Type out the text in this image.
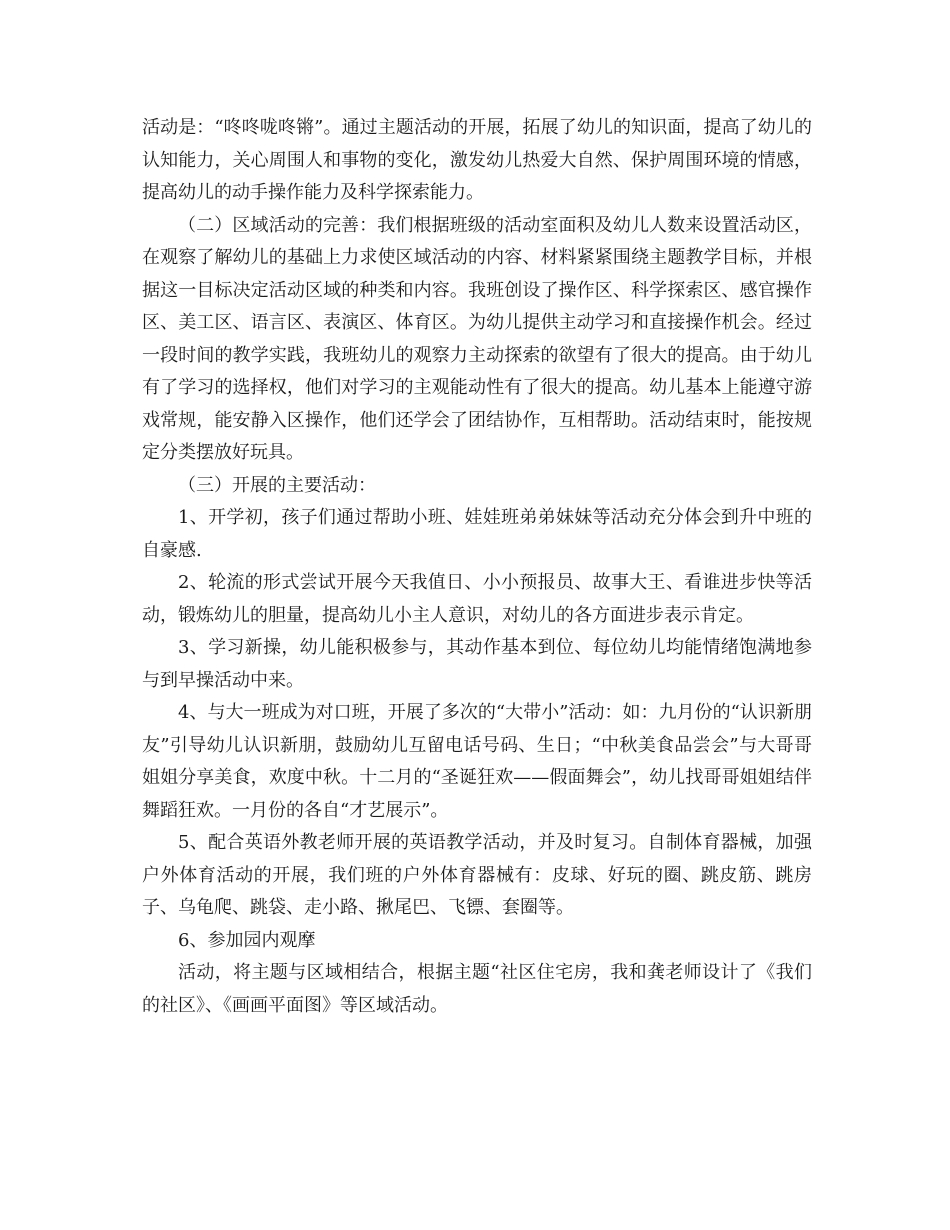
活动是：“咚咚咙咚锵”。通过主题活动的开展，拓展了幼儿的知识面，提高了幼儿的认知能力，关心周围人和事物的变化，激发幼儿热爱大自然、保护周围环境的情感，提高幼儿的动手操作能力及科学探索能力。

（二）区域活动的完善：我们根据班级的活动室面积及幼儿人数来设置活动区，在观察了解幼儿的基础上力求使区域活动的内容、材料紧紧围绕主题教学目标，并根据这一目标决定活动区域的种类和内容。我班创设了操作区、科学探索区、感官操作区、美工区、语言区、表演区、体育区。为幼儿提供主动学习和直接操作机会。经过一段时间的教学实践，我班幼儿的观察力主动探索的欲望有了很大的提高。由于幼儿有了学习的选择权，他们对学习的主观能动性有了很大的提高。幼儿基本上能遵守游戏常规，能安静入区操作，他们还学会了团结协作，互相帮助。活动结束时，能按规定分类摆放好玩具。

（三）开展的主要活动：

1、开学初，孩子们通过帮助小班、娃娃班弟弟妹妹等活动充分体会到升中班的自豪感.

2、轮流的形式尝试开展今天我值日、小小预报员、故事大王、看谁进步快等活动，锻炼幼儿的胆量，提高幼儿小主人意识，对幼儿的各方面进步表示肯定。

3、学习新操，幼儿能积极参与，其动作基本到位、每位幼儿均能情绪饱满地参与到早操活动中来。

4、与大一班成为对口班，开展了多次的“大带小”活动：如：九月份的“认识新朋友”引导幼儿认识新朋，鼓励幼儿互留电话号码、生日；“中秋美食品尝会”与大哥哥姐姐分享美食，欢度中秋。十二月的“圣诞狂欢——假面舞会”，幼儿找哥哥姐姐结伴舞蹈狂欢。一月份的各自“才艺展示”。

5、配合英语外教老师开展的英语教学活动，并及时复习。自制体育器械，加强户外体育活动的开展，我们班的户外体育器械有：皮球、好玩的圈、跳皮筋、跳房子、乌龟爬、跳袋、走小路、揪尾巴、飞镖、套圈等。

6、参加园内观摩

活动，将主题与区域相结合，根据主题“社区住宅房，我和龚老师设计了《我们的社区》、《画画平面图》等区域活动。
